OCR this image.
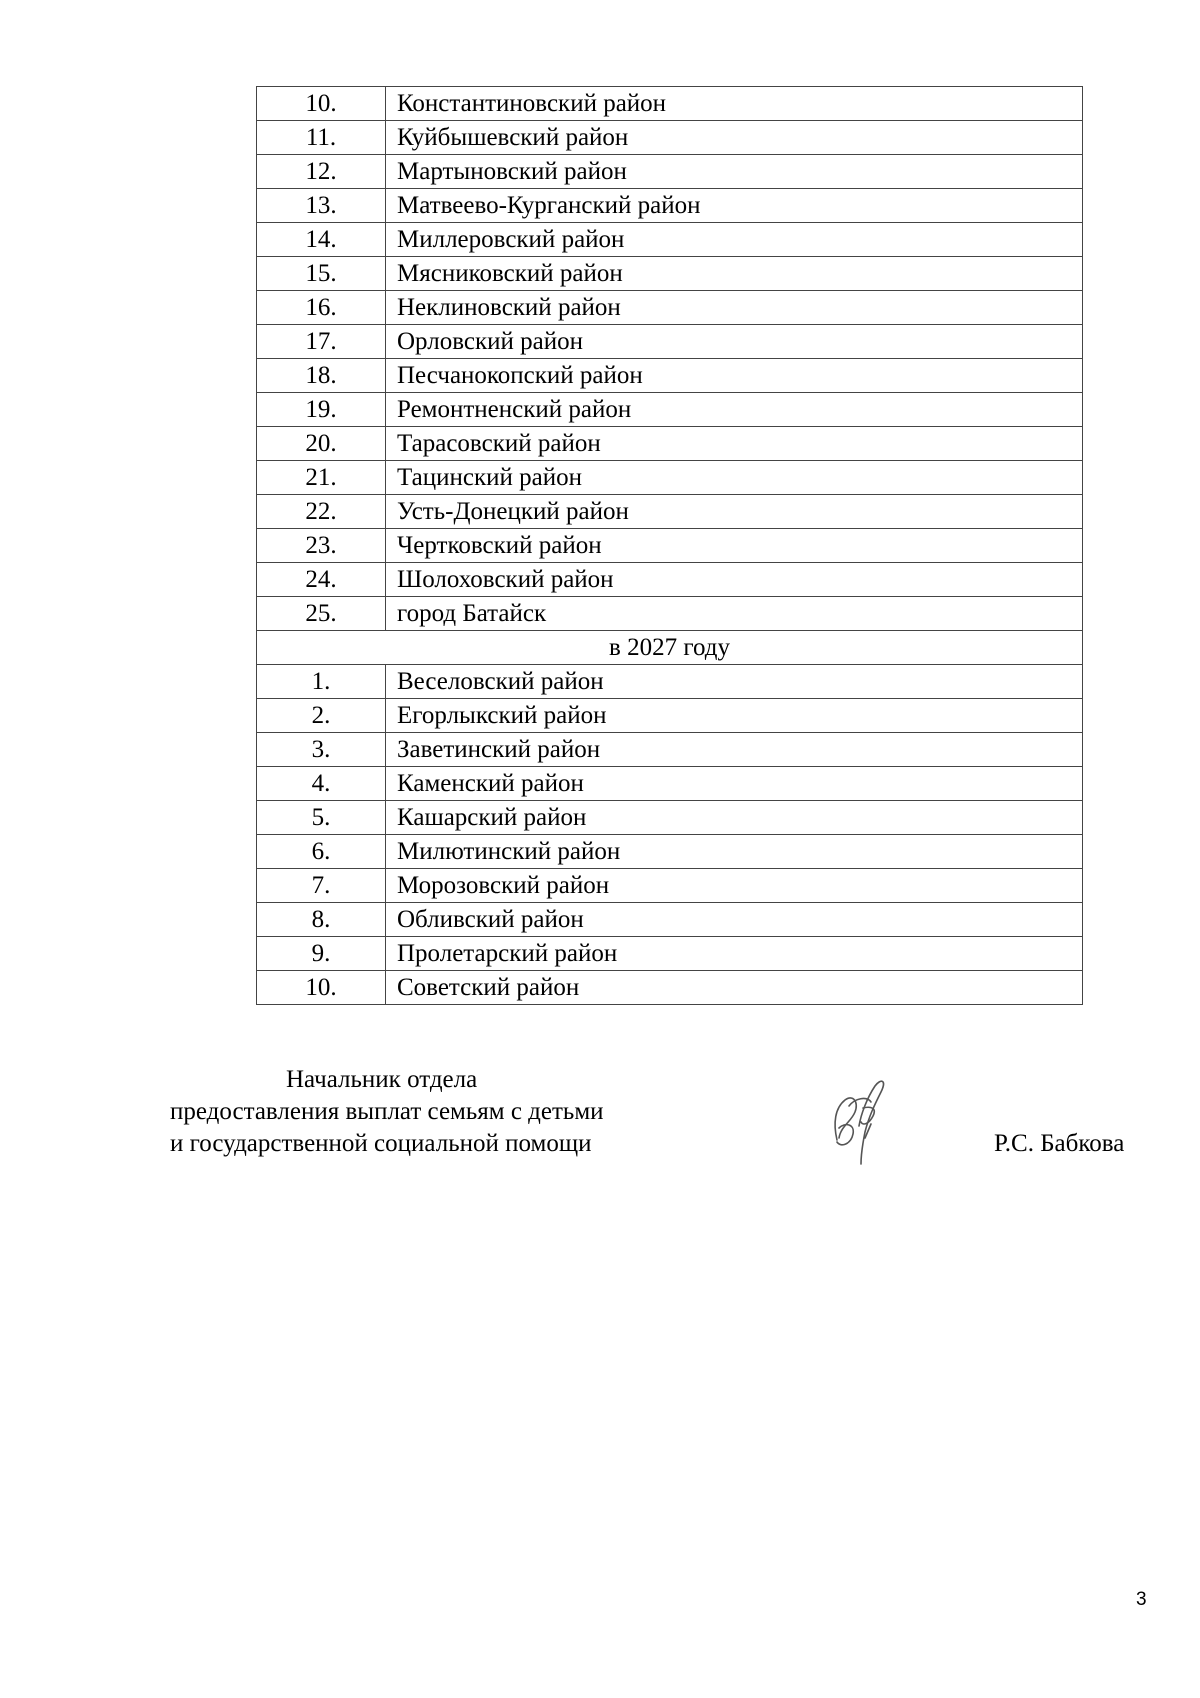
10.	Константиновский район
11.	Куйбышевский район
12.	Мартыновский район
13.	Матвеево-Курганский район
14.	Миллеровский район
15.	Мясниковский район
16.	Неклиновский район
17.	Орловский район
18.	Песчанокопский район
19.	Ремонтненский район
20.	Тарасовский район
21.	Тацинский район
22.	Усть-Донецкий район
23.	Чертковский район
24.	Шолоховский район
25.	город Батайск
в 2027 году	
1.	Веселовский район
2.	Егорлыкский район
3.	Заветинский район
4.	Каменский район
5.	Кашарский район
6.	Милютинский район
7.	Морозовский район
8.	Обливский район
9.	Пролетарский район
10.	Советский район
Начальник отдела
предоставления выплат семьям с детьми
и государственной социальной помощи	Р.С. Бабкова
3
